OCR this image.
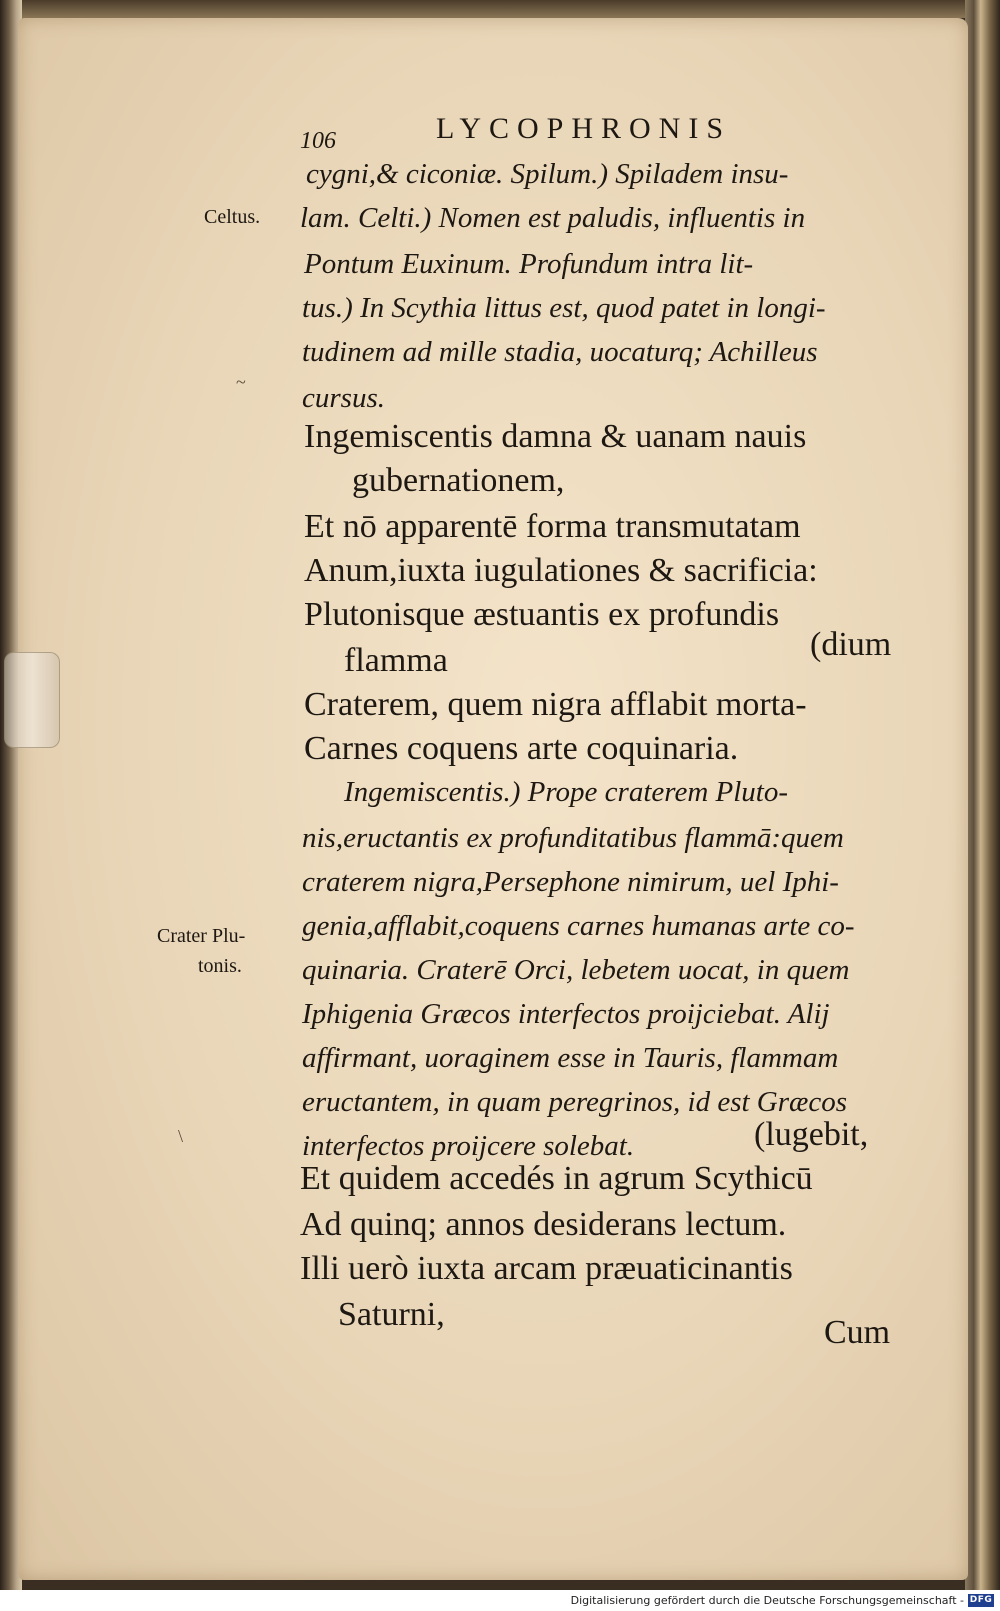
106	LYCOPHRONIS
Celtus.
Crater Plu-
tonis.
~
\
cygni,& ciconiæ. Spilum.) Spiladem insu-
lam. Celti.) Nomen est paludis, influentis in
Pontum Euxinum. Profundum intra lit-
tus.) In Scythia littus est, quod patet in longi-
tudinem ad mille stadia, uocaturq; Achilleus
cursus.
Ingemiscentis damna & uanam nauis
gubernationem,
Et nō apparentē forma transmutatam
Anum,iuxta iugulationes & sacrificia:
Plutonisque æstuantis ex profundis
flamma	(dium
Craterem, quem nigra afflabit morta-
Carnes coquens arte coquinaria.
Ingemiscentis.) Prope craterem Pluto-
nis,eructantis ex profunditatibus flammā:quem
craterem nigra,Persephone nimirum, uel Iphi-
genia,afflabit,coquens carnes humanas arte co-
quinaria. Craterē Orci, lebetem uocat, in quem
Iphigenia Græcos interfectos proijciebat. Alij
affirmant, uoraginem esse in Tauris, flammam
eructantem, in quam peregrinos, id est Græcos
interfectos proijcere solebat.	(lugebit,
Et quidem accedés in agrum Scythicū
Ad quinq; annos desiderans lectum.
Illi uerò iuxta arcam præuaticinantis
Saturni,	Cum
Digitalisierung gefördert durch die Deutsche Forschungsgemeinschaft - DFG
